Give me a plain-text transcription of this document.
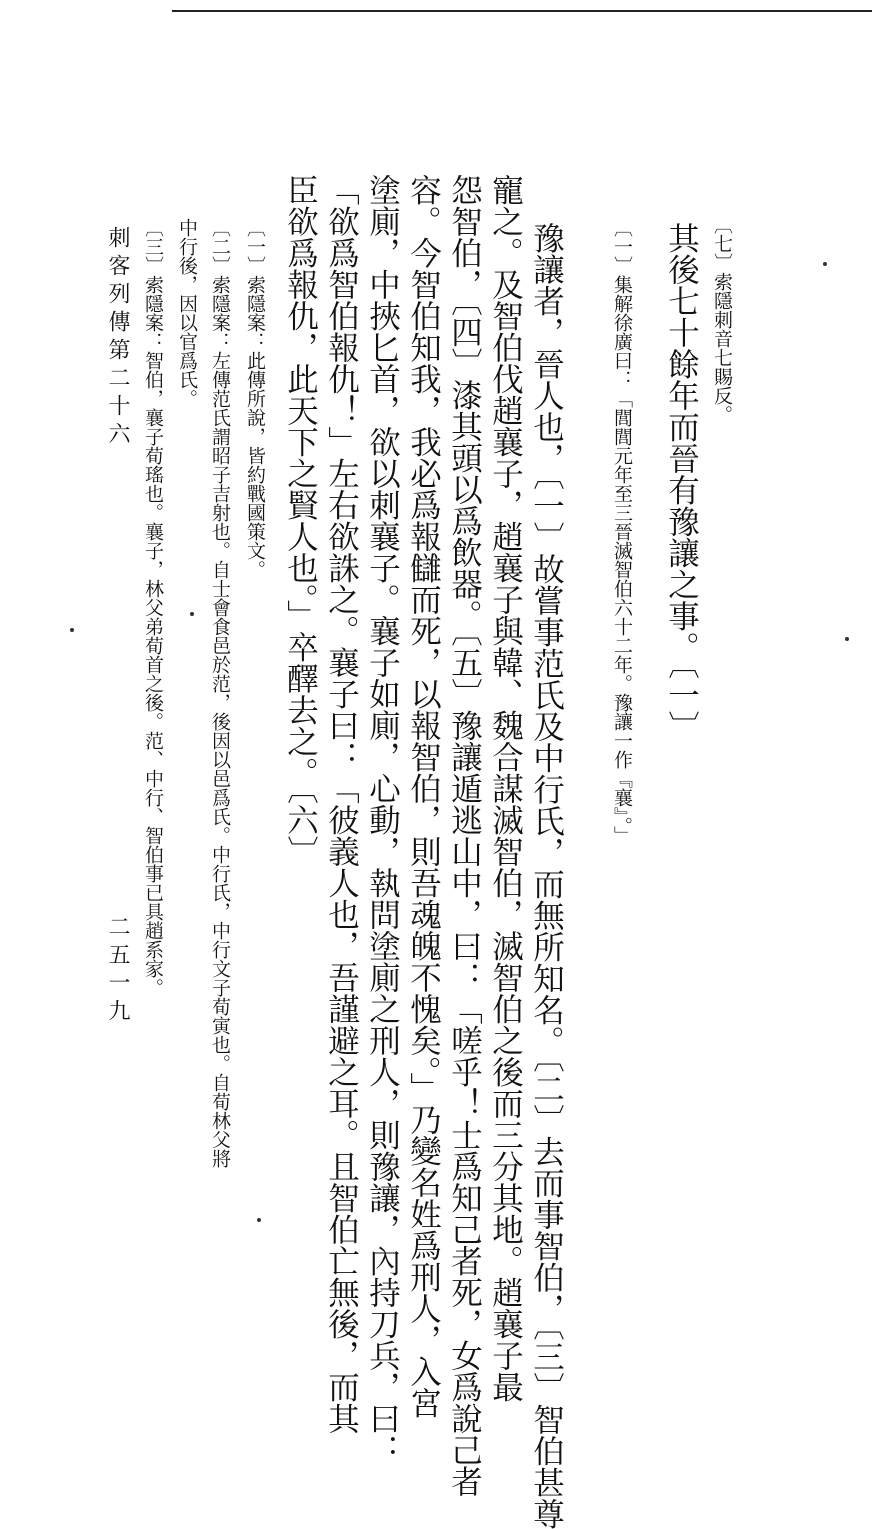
〔七〕索隱刺音七賜反。
其後七十餘年而晉有豫讓之事。〔一〕
〔一〕集解徐廣曰：「閭閭元年至三晉滅智伯六十二年。豫讓一作『襄』。」
豫讓者，晉人也，〔一〕故嘗事范氏及中行氏，而無所知名。〔二〕去而事智伯，〔三〕智伯甚尊
寵之。及智伯伐趙襄子，趙襄子與韓、魏合謀滅智伯，滅智伯之後而三分其地。趙襄子最
怨智伯，〔四〕漆其頭以爲飲器。〔五〕豫讓遁逃山中，曰：「嗟乎！士爲知己者死，女爲說己者
容。今智伯知我，我必爲報讎而死，以報智伯，則吾魂魄不愧矣。」乃變名姓爲刑人，入宮
塗廁，中挾匕首，欲以刺襄子。襄子如廁，心動，執問塗廁之刑人，則豫讓，內持刀兵，曰：
「欲爲智伯報仇！」左右欲誅之。襄子曰：「彼義人也，吾謹避之耳。且智伯亡無後，而其
臣欲爲報仇，此天下之賢人也。」卒醳去之。〔六〕
〔一〕索隱案：此傳所說，皆約戰國策文。
〔二〕索隱案：左傳范氏謂昭子吉射也。自士會食邑於范，後因以邑爲氏。中行氏，中行文子荀寅也。自荀林父將
中行後，因以官爲氏。
〔三〕索隱案：智伯，襄子荀瑤也。襄子，林父弟荀首之後。范、中行、智伯事已具趙系家。
刺客列傳第二十六
二五一九
